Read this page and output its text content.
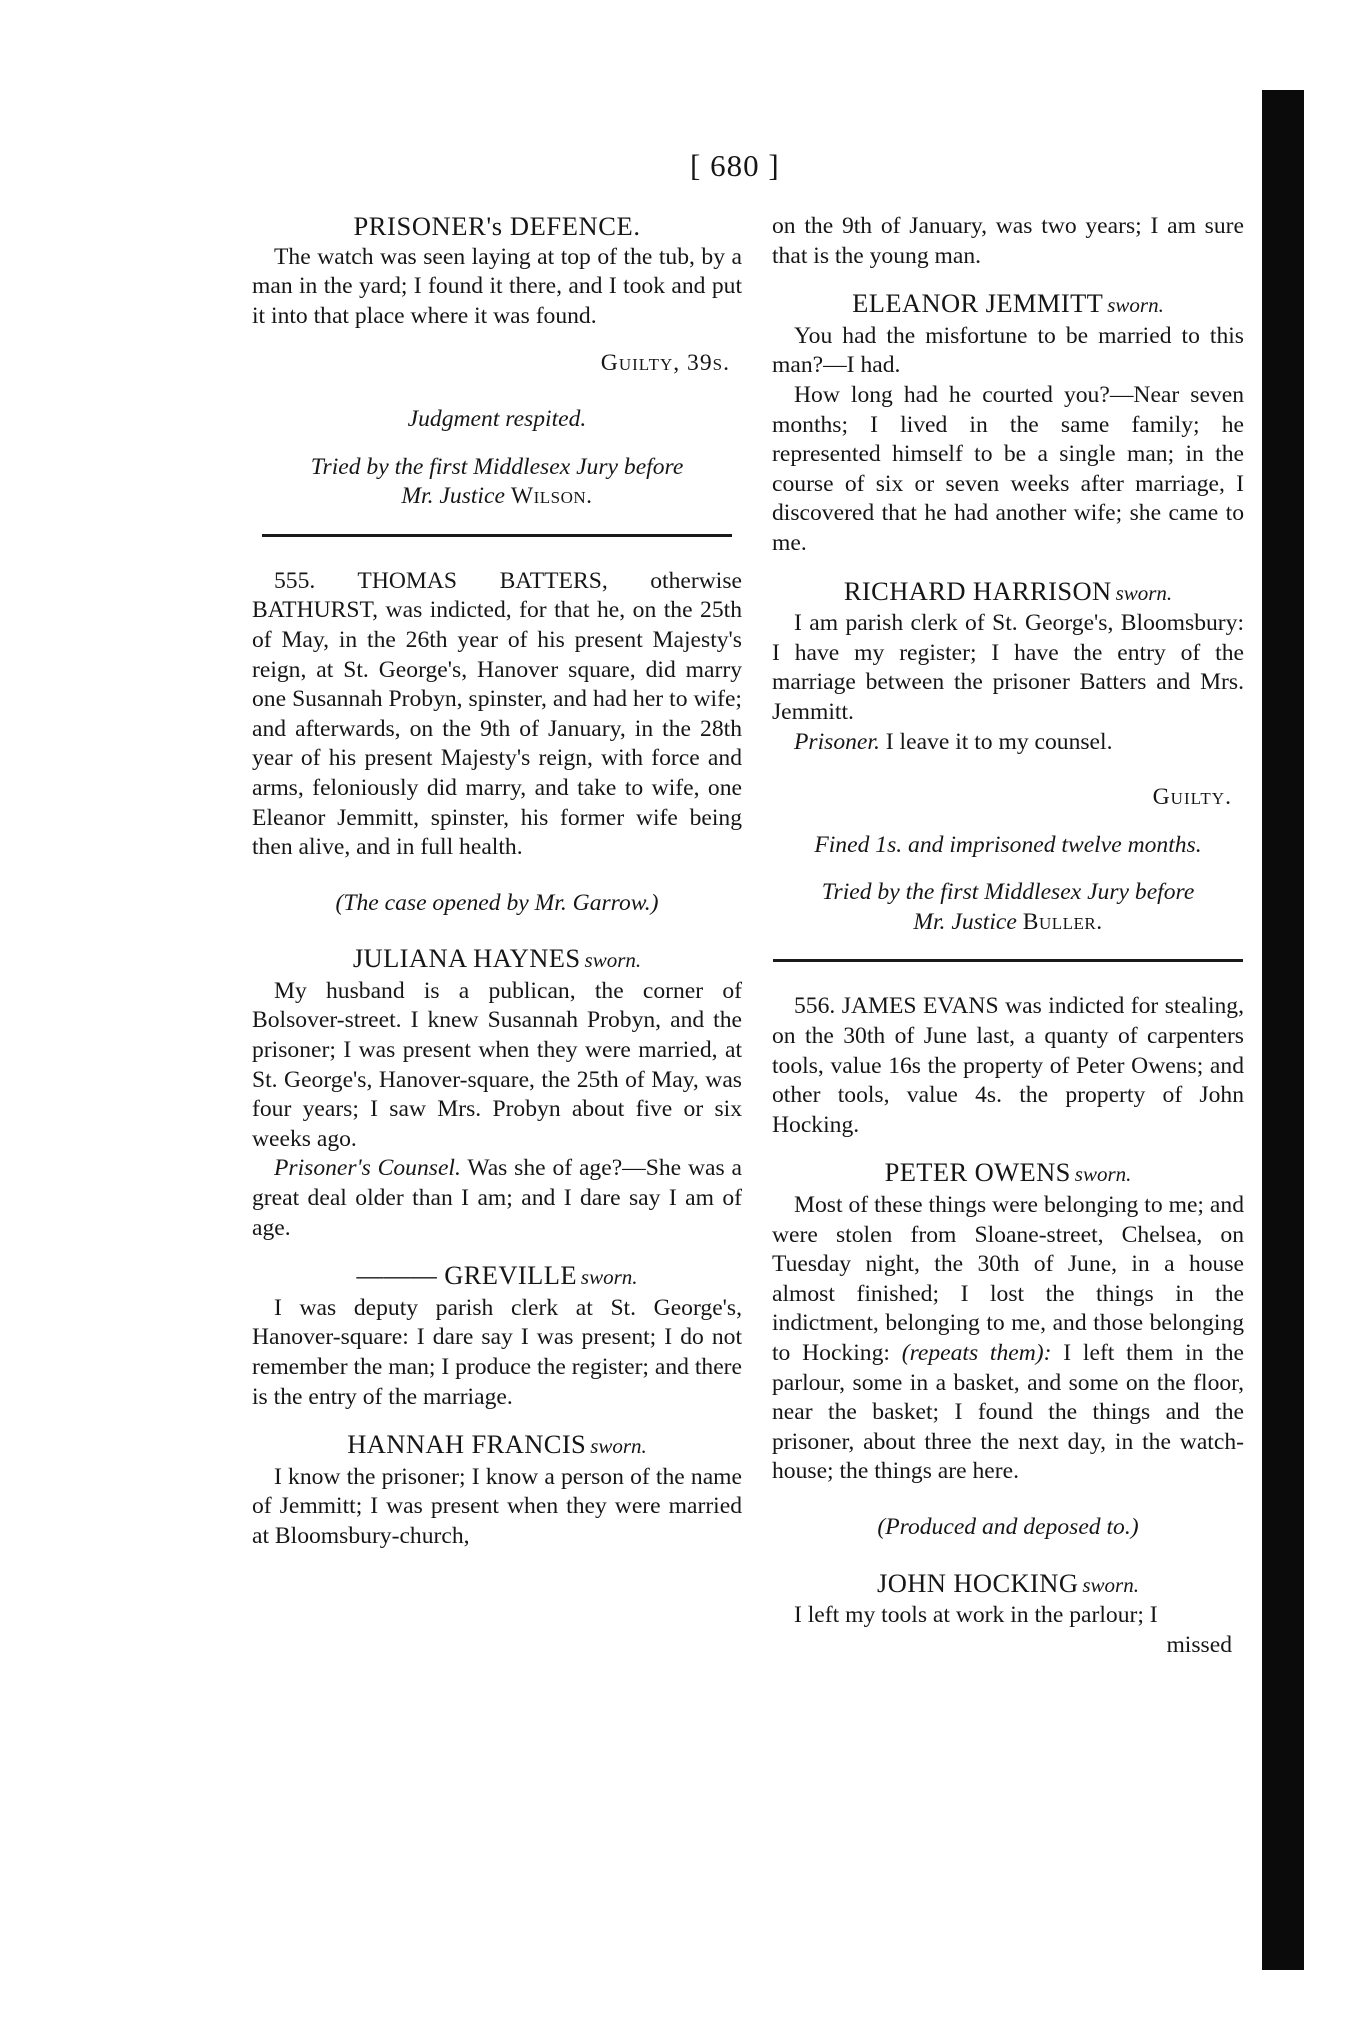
[ 680 ]
PRISONER's DEFENCE.

The watch was seen laying at top of the tub, by a man in the yard; I found it there, and I took and put it into that place where it was found.

Guilty, 39s.

Judgment respited.

Tried by the first Middlesex Jury before
Mr. Justice Wilson.

555. THOMAS BATTERS, otherwise BATHURST, was indicted, for that he, on the 25th of May, in the 26th year of his present Majesty's reign, at St. George's, Hanover square, did marry one Susannah Probyn, spinster, and had her to wife; and afterwards, on the 9th of January, in the 28th year of his present Majesty's reign, with force and arms, feloniously did marry, and take to wife, one Eleanor Jemmitt, spinster, his former wife being then alive, and in full health.

(The case opened by Mr. Garrow.)

JULIANA HAYNES sworn.

My husband is a publican, the corner of Bolsover-street. I knew Susannah Probyn, and the prisoner; I was present when they were married, at St. George's, Hanover-square, the 25th of May, was four years; I saw Mrs. Probyn about five or six weeks ago.

Prisoner's Counsel. Was she of age?—She was a great deal older than I am; and I dare say I am of age.

——— GREVILLE sworn.

I was deputy parish clerk at St. George's, Hanover-square: I dare say I was present; I do not remember the man; I produce the register; and there is the entry of the marriage.

HANNAH FRANCIS sworn.

I know the prisoner; I know a person of the name of Jemmitt; I was present when they were married at Bloomsbury-church,

on the 9th of January, was two years; I am sure that is the young man.

ELEANOR JEMMITT sworn.

You had the misfortune to be married to this man?—I had.

How long had he courted you?—Near seven months; I lived in the same family; he represented himself to be a single man; in the course of six or seven weeks after marriage, I discovered that he had another wife; she came to me.

RICHARD HARRISON sworn.

I am parish clerk of St. George's, Bloomsbury: I have my register; I have the entry of the marriage between the prisoner Batters and Mrs. Jemmitt.

Prisoner. I leave it to my counsel.

Guilty.

Fined 1s. and imprisoned twelve months.

Tried by the first Middlesex Jury before
Mr. Justice Buller.

556. JAMES EVANS was indicted for stealing, on the 30th of June last, a quanty of carpenters tools, value 16s the property of Peter Owens; and other tools, value 4s. the property of John Hocking.

PETER OWENS sworn.

Most of these things were belonging to me; and were stolen from Sloane-street, Chelsea, on Tuesday night, the 30th of June, in a house almost finished; I lost the things in the indictment, belonging to me, and those belonging to Hocking: (repeats them): I left them in the parlour, some in a basket, and some on the floor, near the basket; I found the things and the prisoner, about three the next day, in the watch-house; the things are here.

(Produced and deposed to.)

JOHN HOCKING sworn.

I left my tools at work in the parlour; I

missed
